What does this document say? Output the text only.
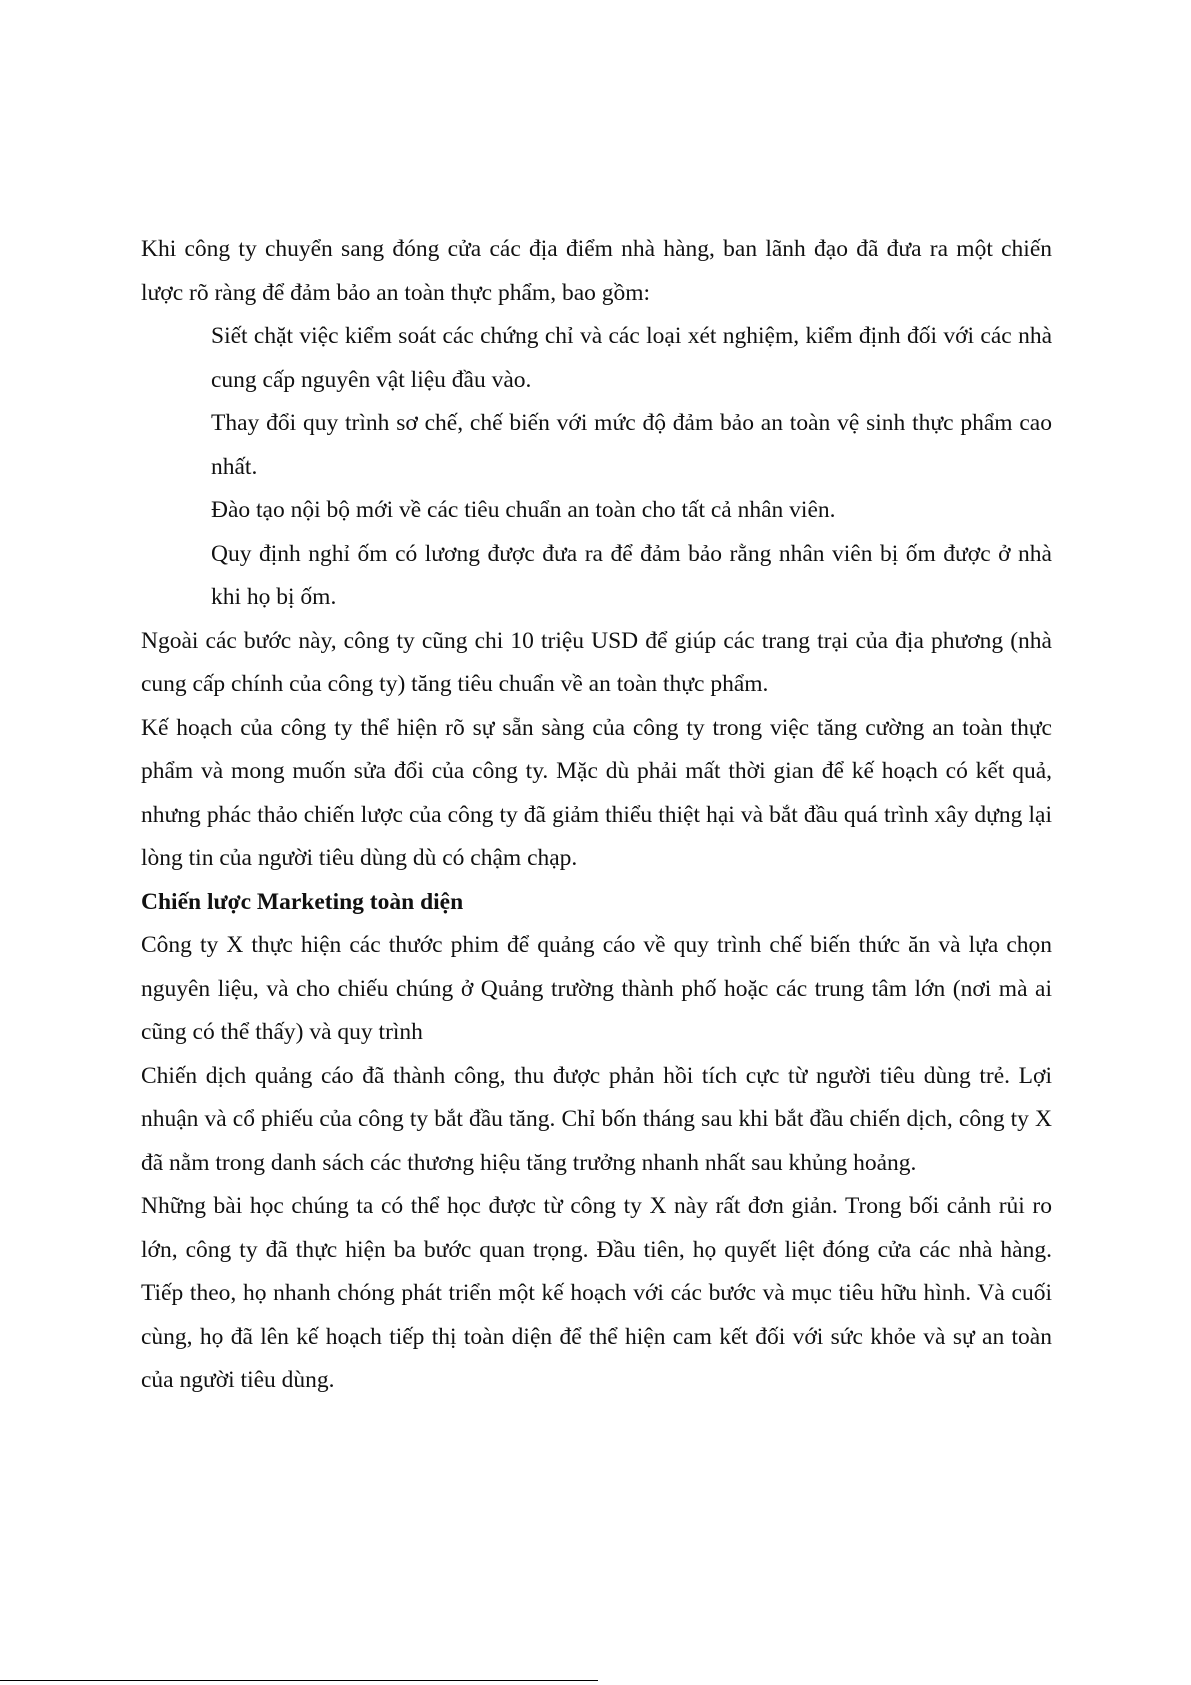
Khi công ty chuyển sang đóng cửa các địa điểm nhà hàng, ban lãnh đạo đã đưa ra một chiến lược rõ ràng để đảm bảo an toàn thực phẩm, bao gồm:

Siết chặt việc kiểm soát các chứng chỉ và các loại xét nghiệm, kiểm định đối với các nhà cung cấp nguyên vật liệu đầu vào.
Thay đổi quy trình sơ chế, chế biến với mức độ đảm bảo an toàn vệ sinh thực phẩm cao nhất.
Đào tạo nội bộ mới về các tiêu chuẩn an toàn cho tất cả nhân viên.
Quy định nghỉ ốm có lương được đưa ra để đảm bảo rằng nhân viên bị ốm được ở nhà khi họ bị ốm.

Ngoài các bước này, công ty cũng chi 10 triệu USD để giúp các trang trại của địa phương (nhà cung cấp chính của công ty) tăng tiêu chuẩn về an toàn thực phẩm.

Kế hoạch của công ty thể hiện rõ sự sẵn sàng của công ty trong việc tăng cường an toàn thực phẩm và mong muốn sửa đổi của công ty. Mặc dù phải mất thời gian để kế hoạch có kết quả, nhưng phác thảo chiến lược của công ty đã giảm thiểu thiệt hại và bắt đầu quá trình xây dựng lại lòng tin của người tiêu dùng dù có chậm chạp.

Chiến lược Marketing toàn diện

Công ty X thực hiện các thước phim để quảng cáo về quy trình chế biến thức ăn và lựa chọn nguyên liệu, và cho chiếu chúng ở Quảng trường thành phố hoặc các trung tâm lớn (nơi mà ai cũng có thể thấy) và quy trình

Chiến dịch quảng cáo đã thành công, thu được phản hồi tích cực từ người tiêu dùng trẻ. Lợi nhuận và cổ phiếu của công ty bắt đầu tăng. Chỉ bốn tháng sau khi bắt đầu chiến dịch, công ty X đã nằm trong danh sách các thương hiệu tăng trưởng nhanh nhất sau khủng hoảng.

Những bài học chúng ta có thể học được từ công ty X này rất đơn giản. Trong bối cảnh rủi ro lớn, công ty đã thực hiện ba bước quan trọng. Đầu tiên, họ quyết liệt đóng cửa các nhà hàng. Tiếp theo, họ nhanh chóng phát triển một kế hoạch với các bước và mục tiêu hữu hình. Và cuối cùng, họ đã lên kế hoạch tiếp thị toàn diện để thể hiện cam kết đối với sức khỏe và sự an toàn của người tiêu dùng.
